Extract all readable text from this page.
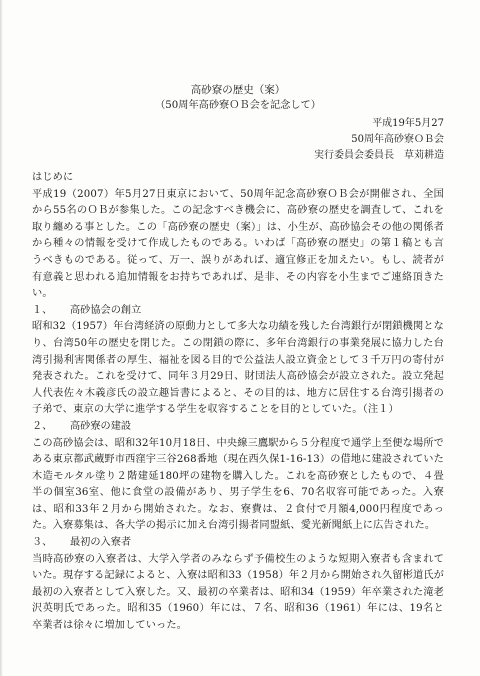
高砂寮の歴史（案）

（50周年高砂寮ＯＢ会を記念して）

平成19年5月27

50周年高砂寮ＯＢ会

実行委員会委員長　草苅耕造

はじめに

平成19（2007）年5月27日東京において、50周年記念高砂寮ＯＢ会が開催され、全国から55名のＯＢが参集した。この記念すべき機会に、高砂寮の歴史を調査して、これを取り纏める事とした。この「高砂寮の歴史（案）」は、小生が、高砂協会その他の関係者から種々の情報を受けて作成したものである。いわば「高砂寮の歴史」の第１稿とも言うべきものである。従って、万一、誤りがあれば、適宜修正を加えたい。もし、読者が有意義と思われる追加情報をお持ちであれば、是非、その内容を小生までご連絡頂きたい。

１、 高砂協会の創立

昭和32（1957）年台湾経済の原動力として多大な功績を残した台湾銀行が閉鎖機関となり、台湾50年の歴史を閉じた。この閉鎖の際に、多年台湾銀行の事業発展に協力した台湾引揚利害関係者の厚生、福祉を図る目的で公益法人設立資金として３千万円の寄付が発表された。これを受けて、同年３月29日、財団法人高砂協会が設立された。設立発起人代表佐々木義彦氏の設立趣旨書によると、その目的は、地方に居住する台湾引揚者の子弟で、東京の大学に進学する学生を収容することを目的としていた。（注１）

２、 高砂寮の建設

この高砂協会は、昭和32年10月18日、中央線三鷹駅から５分程度で通学上至便な場所である東京都武蔵野市西窪宇三谷268番地（現在西久保1-16-13）の借地に建設されていた木造モルタル塗り２階建延180坪の建物を購入した。これを高砂寮としたもので、４畳半の個室36室、他に食堂の設備があり、男子学生を6、70名収容可能であった。入寮は、昭和33年２月から開始された。なお、寮費は、２食付で月額4,000円程度であった。入寮募集は、各大学の掲示に加え台湾引揚者同盟紙、愛光新聞紙上に広告された。

３、 最初の入寮者

当時高砂寮の入寮者は、大学入学者のみならず予備校生のような短期入寮者も含まれていた。現存する記録によると、入寮は昭和33（1958）年２月から開始され久留彬道氏が最初の入寮者として入寮した。又、最初の卒業者は、昭和34（1959）年卒業された滝老沢英明氏であった。昭和35（1960）年には、７名、昭和36（1961）年には、19名と卒業者は徐々に増加していった。
